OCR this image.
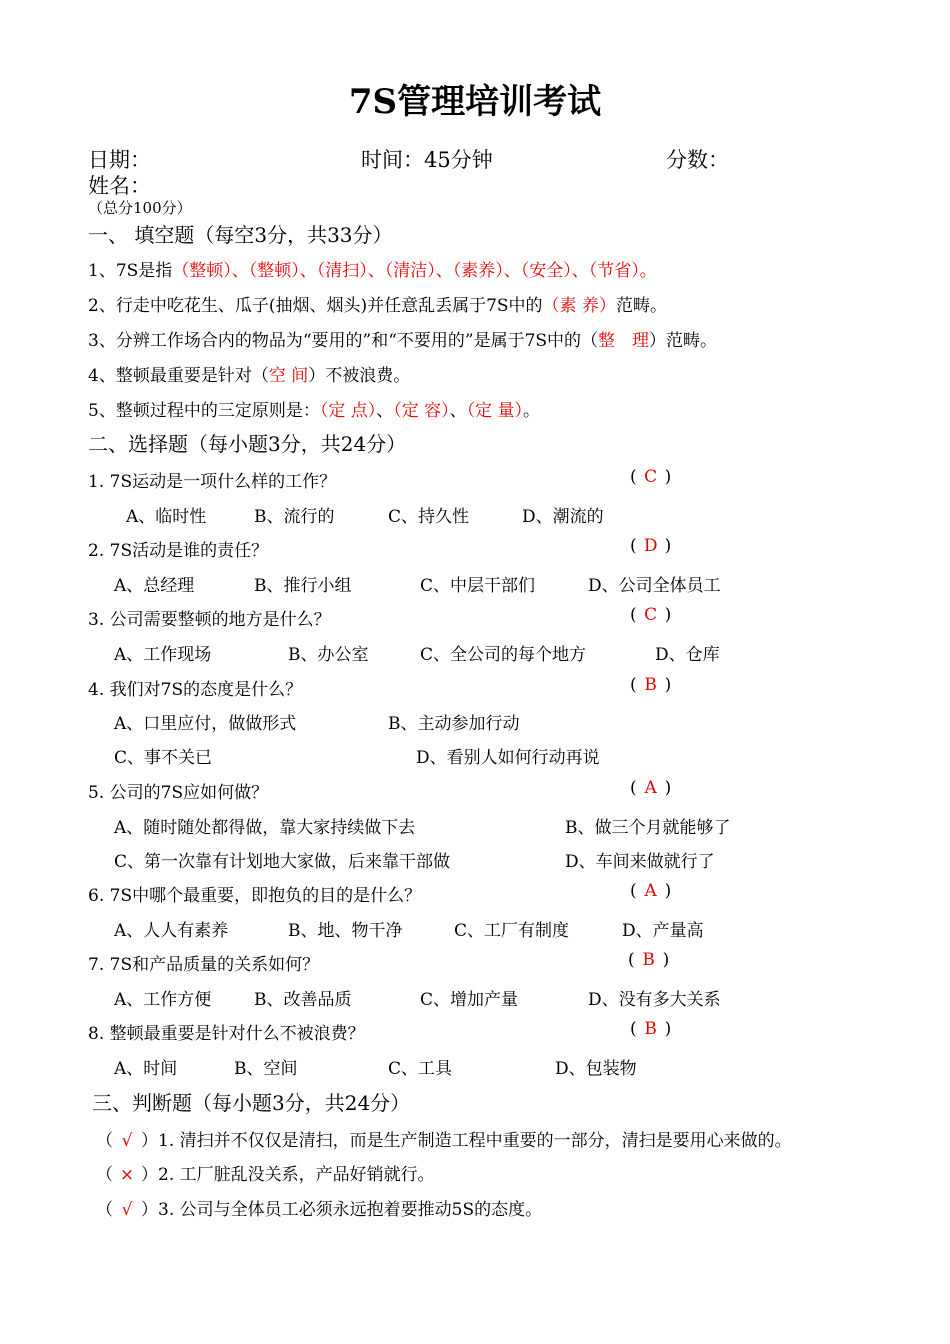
7S管理培训考试
日期：	时间：45分钟	分数：
姓名：
（总分100分）
一、 填空题（每空3分，共33分）
1、7S是指（整顿）、（整顿）、（清扫）、（清洁）、（素养）、（安全）、（节省）。
2、行走中吃花生、瓜子(抽烟、烟头)并任意乱丢属于7S中的（素 养）范畴。
3、分辨工作场合内的物品为“要用的”和“不要用的”是属于7S中的（整　理）范畴。
4、整顿最重要是针对（空 间）不被浪费。
5、整顿过程中的三定原则是：（定 点）、（定 容）、（定 量）。
二、选择题（每小题3分，共24分）
1. 7S运动是一项什么样的工作？	( C )
A、临时性	B、流行的	C、持久性	D、潮流的
2. 7S活动是谁的责任？	( D )
A、总经理	B、推行小组	C、中层干部们	D、公司全体员工
3. 公司需要整顿的地方是什么？	( C )
A、工作现场	B、办公室	C、全公司的每个地方	D、仓库
4. 我们对7S的态度是什么？	( B )
A、口里应付，做做形式	B、主动参加行动
C、事不关已	D、看别人如何行动再说
5. 公司的7S应如何做？	( A )
A、随时随处都得做，靠大家持续做下去	B、做三个月就能够了
C、第一次靠有计划地大家做，后来靠干部做	D、车间来做就行了
6. 7S中哪个最重要，即抱负的目的是什么？	( A )
A、人人有素养	B、地、物干净	C、工厂有制度	D、产量高
7. 7S和产品质量的关系如何？	( B )
A、工作方便	B、改善品质	C、增加产量	D、没有多大关系
8. 整顿最重要是针对什么不被浪费？	( B )
A、时间	B、空间	C、工具	D、包装物
三、判断题（每小题3分，共24分）
（ √ ）1. 清扫并不仅仅是清扫，而是生产制造工程中重要的一部分，清扫是要用心来做的。
（ × ）2. 工厂脏乱没关系，产品好销就行。
（ √ ）3. 公司与全体员工必须永远抱着要推动5S的态度。
